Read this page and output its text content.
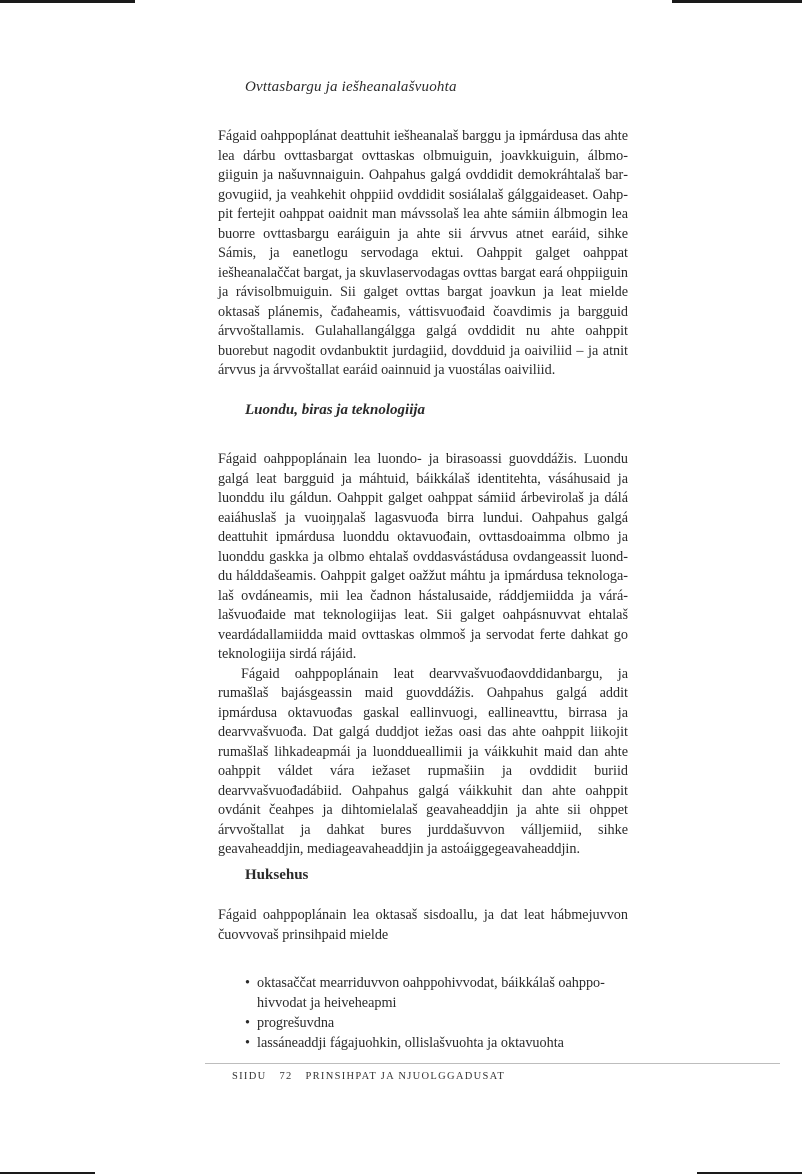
Ovttasbargu ja iešheanalašvuohta

Fágaid oahppoplánat deattuhit iešheanalaš barggu ja ipmárdusa das ahte lea dárbu ovttasbargat ovttaskas olbmuiguin, joavkkuiguin, álbmogiiguin ja našuvnnaiguin. Oahpahus galgá ovddidit demokráhtalaš bargovugiid, ja veahkehit ohppiid ovddidit sosiálalaš gálggaideaset. Oahppit fertejit oahppat oaidnit man mávssolaš lea ahte sámiin álbmogin lea buorre ovttasbargu earáiguin ja ahte sii árvvus atnet earáid, sihke Sámis, ja eanetlogu servodaga ektui. Oahppit galget oahppat iešheanalaččat bargat, ja skuvlaservodagas ovttas bargat eará ohppiiguin ja rávisolbmuiguin. Sii galget ovttas bargat joavkun ja leat mielde oktasaš plánemis, čađaheamis, váttisvuođaid čoavdimis ja bargguid árvvoštallamis. Gulahallangálgga galgá ovddidit nu ahte oahppit buorebut nagodit ovdanbuktit jurdagiid, dovdduid ja oaiviliid – ja atnit árvvus ja árvvoštallat earáid oainnuid ja vuostálas oaiviliid.

Luondu, biras ja teknologiija

Fágaid oahppoplánain lea luondo- ja birasoassi guovddážis. Luondu galgá leat bargguid ja máhtuid, báikkálaš identitehta, vásáhusaid ja luonddu ilu gáldun. Oahppit galget oahppat sámiid árbevirolaš ja dálá eaiáhuslaš ja vuoiŋŋalaš lagasvuođa birra lundui. Oahpahus galgá deattuhit ipmárdusa luonddu oktavuođain, ovttasdoaimma olbmo ja luonddu gaskka ja olbmo ehtalaš ovddasvástádusa ovdangeassit luonddu hálddašeamis. Oahppit galget oažžut máhtu ja ipmárdusa teknologalaš ovdáneamis, mii lea čadnon hástalusaide, ráddjemiidda ja várálašvuođaide mat teknologiijas leat. Sii galget oahpásnuvvat ehtalaš veardádallamiidda maid ovttaskas olmmoš ja servodat ferte dahkat go teknologiija sirdá rájáid.

Fágaid oahppoplánain leat dearvvašvuođaovddidanbargu, ja rumašlaš bajásgeassin maid guovddážis. Oahpahus galgá addit ipmárdusa oktavuođas gaskal eallinvuogi, eallineavttu, birrasa ja dearvvašvuođa. Dat galgá duddjot iežas oasi das ahte oahppit liikojit rumašlaš lihkadeapmái ja luonddueallimii ja váikkuhit maid dan ahte oahppit váldet vára iežaset rupmašiin ja ovddidit buriid dearvvašvuođadábiid. Oahpahus galgá váikkuhit dan ahte oahppit ovdánit čeahpes ja dihtomielalaš geavaheaddjin ja ahte sii ohppet árvvoštallat ja dahkat bures jurddašuvvon válljemiid, sihke geavaheaddjin, mediageavaheaddjin ja astoáiggegeavaheaddjin.

Huksehus

Fágaid oahppoplánain lea oktasaš sisdoallu, ja dat leat hábmejuvvon čuovvovaš prinsihpaid mielde

• oktasaččat mearriduvvon oahppohivvodat, báikkálaš oahppohivvodat ja heiveheapmi
• progrešuvdna
• lassáneaddji fágajuohkin, ollislašvuohta ja oktavuohta
SIIDU 72 PRINSIHPAT JA NJUOLGGADUSAT
